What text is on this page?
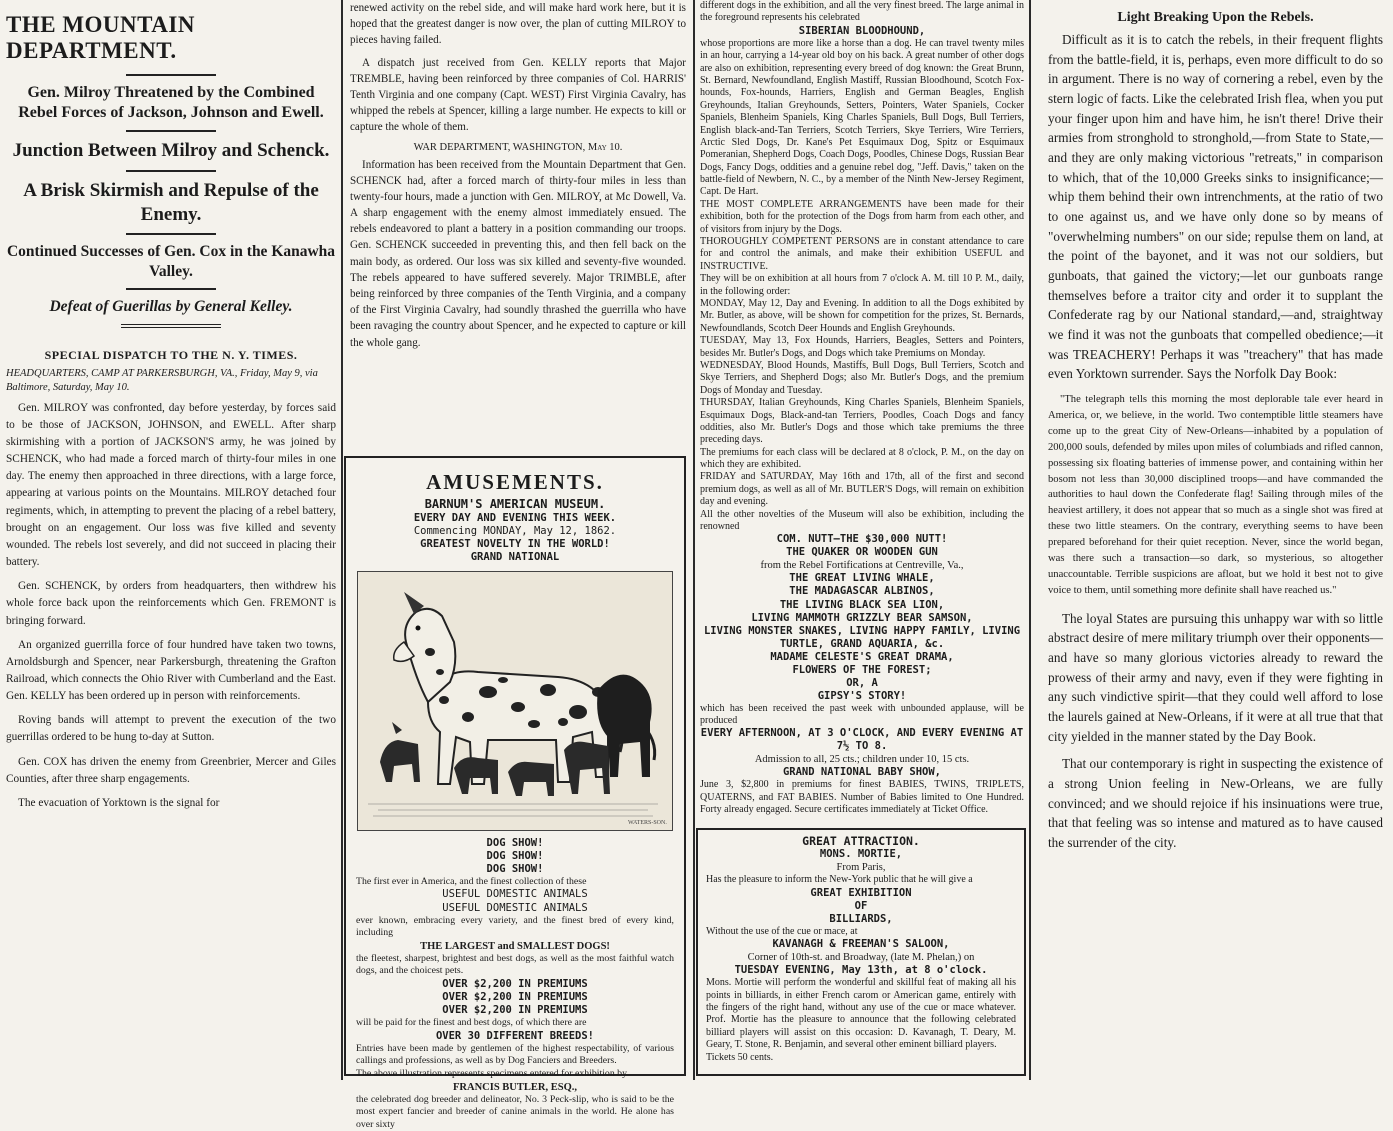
THE MOUNTAIN DEPARTMENT.
Gen. Milroy Threatened by the Combined Rebel Forces of Jackson, Johnson and Ewell.
Junction Between Milroy and Schenck.
A Brisk Skirmish and Repulse of the Enemy.
Continued Successes of Gen. Cox in the Kanawha Valley.
Defeat of Guerillas by General Kelley.
SPECIAL DISPATCH TO THE N. Y. TIMES.
HEADQUARTERS, CAMP AT PARKERSBURGH, VA., Friday, May 9, via Baltimore, Saturday, May 10.

Gen. MILROY was confronted, day before yesterday, by forces said to be those of JACKSON, JOHNSON, and EWELL. After sharp skirmishing with a portion of JACKSON'S army, he was joined by SCHENCK, who had made a forced march of thirty-four miles in one day. The enemy then approached in three directions, with a large force, appearing at various points on the Mountains. MILROY detached four regiments, which, in attempting to prevent the placing of a rebel battery, brought on an engagement. Our loss was five killed and seventy wounded. The rebels lost severely, and did not succeed in placing their battery.

Gen. SCHENCK, by orders from headquarters, then withdrew his whole force back upon the reinforcements which Gen. FREMONT is bringing forward.

An organized guerrilla force of four hundred have taken two towns, Arnoldsburgh and Spencer, near Parkersburgh, threatening the Grafton Railroad, which connects the Ohio River with Cumberland and the East. Gen. KELLY has been ordered up in person with reinforcements.

Roving bands will attempt to prevent the execution of the two guerrillas ordered to be hung to-day at Sutton.

Gen. COX has driven the enemy from Greenbrier, Mercer and Giles Counties, after three sharp engagements.

The evacuation of Yorktown is the signal for

renewed activity on the rebel side, and will make hard work here, but it is hoped that the greatest danger is now over, the plan of cutting MILROY to pieces having failed.

A dispatch just received from Gen. KELLY reports that Major TREMBLE, having been reinforced by three companies of Col. HARRIS' Tenth Virginia and one company (Capt. WEST) First Virginia Cavalry, has whipped the rebels at Spencer, killing a large number. He expects to kill or capture the whole of them.

WAR DEPARTMENT, WASHINGTON, May 10.

Information has been received from the Mountain Department that Gen. SCHENCK had, after a forced march of thirty-four miles in less than twenty-four hours, made a junction with Gen. MILROY, at Mc Dowell, Va. A sharp engagement with the enemy almost immediately ensued. The rebels endeavored to plant a battery in a position commanding our troops. Gen. SCHENCK succeeded in preventing this, and then fell back on the main body, as ordered. Our loss was six killed and seventy-five wounded. The rebels appeared to have suffered severely. Major TRIMBLE, after being reinforced by three companies of the Tenth Virginia, and a company of the First Virginia Cavalry, had soundly thrashed the guerrilla who have been ravaging the country about Spencer, and he expected to capture or kill the whole gang.

AMUSEMENTS.
BARNUM'S AMERICAN MUSEUM.
EVERY DAY AND EVENING THIS WEEK.
Commencing MONDAY, May 12, 1862.
GREATEST NOVELTY IN THE WORLD!
GRAND NATIONAL
WATERS-SON.
DOG SHOW!
DOG SHOW!
DOG SHOW!
The first ever in America, and the finest collection of these
USEFUL DOMESTIC ANIMALS
USEFUL DOMESTIC ANIMALS
ever known, embracing every variety, and the finest bred of every kind, including
THE LARGEST and SMALLEST DOGS!
the fleetest, sharpest, brightest and best dogs, as well as the most faithful watch dogs, and the choicest pets.
OVER $2,200 IN PREMIUMS
OVER $2,200 IN PREMIUMS
OVER $2,200 IN PREMIUMS
will be paid for the finest and best dogs, of which there are
OVER 30 DIFFERENT BREEDS!
Entries have been made by gentlemen of the highest respectability, of various callings and professions, as well as by Dog Fanciers and Breeders.
The above illustration represents specimens entered for exhibition by
FRANCIS BUTLER, ESQ.,
the celebrated dog breeder and delineator, No. 3 Peck-slip, who is said to be the most expert fancier and breeder of canine animals in the world. He alone has over sixty
different dogs in the exhibition, and all the very finest breed. The large animal in the foreground represents his celebrated
SIBERIAN BLOODHOUND,
whose proportions are more like a horse than a dog. He can travel twenty miles in an hour, carrying a 14-year old boy on his back. A great number of other dogs are also on exhibition, representing every breed of dog known: the Great Brunn, St. Bernard, Newfoundland, English Mastiff, Russian Bloodhound, Scotch Fox-hounds, Fox-hounds, Harriers, English and German Beagles, English Greyhounds, Italian Greyhounds, Setters, Pointers, Water Spaniels, Cocker Spaniels, Blenheim Spaniels, King Charles Spaniels, Bull Dogs, Bull Terriers, English black-and-Tan Terriers, Scotch Terriers, Skye Terriers, Wire Terriers, Arctic Sled Dogs, Dr. Kane's Pet Esquimaux Dog, Spitz or Esquimaux Pomeranian, Shepherd Dogs, Coach Dogs, Poodles, Chinese Dogs, Russian Bear Dogs, Fancy Dogs, oddities and a genuine rebel dog, "Jeff. Davis," taken on the battle-field of Newbern, N. C., by a member of the Ninth New-Jersey Regiment, Capt. De Hart.
THE MOST COMPLETE ARRANGEMENTS have been made for their exhibition, both for the protection of the Dogs from harm from each other, and of visitors from injury by the Dogs.
THOROUGHLY COMPETENT PERSONS are in constant attendance to care for and control the animals, and make their exhibition USEFUL and INSTRUCTIVE.
They will be on exhibition at all hours from 7 o'clock A. M. till 10 P. M., daily, in the following order:
MONDAY, May 12, Day and Evening. In addition to all the Dogs exhibited by Mr. Butler, as above, will be shown for competition for the prizes, St. Bernards, Newfoundlands, Scotch Deer Hounds and English Greyhounds.
TUESDAY, May 13, Fox Hounds, Harriers, Beagles, Setters and Pointers, besides Mr. Butler's Dogs, and Dogs which take Premiums on Monday.
WEDNESDAY, Blood Hounds, Mastiffs, Bull Dogs, Bull Terriers, Scotch and Skye Terriers, and Shepherd Dogs; also Mr. Butler's Dogs, and the premium Dogs of Monday and Tuesday.
THURSDAY, Italian Greyhounds, King Charles Spaniels, Blenheim Spaniels, Esquimaux Dogs, Black-and-tan Terriers, Poodles, Coach Dogs and fancy oddities, also Mr. Butler's Dogs and those which take premiums the three preceding days.
The premiums for each class will be declared at 8 o'clock, P. M., on the day on which they are exhibited.
FRIDAY and SATURDAY, May 16th and 17th, all of the first and second premium dogs, as well as all of Mr. BUTLER'S Dogs, will remain on exhibition day and evening.
All the other novelties of the Museum will also be exhibition, including the renowned
COM. NUTT—THE $30,000 NUTT!
THE QUAKER OR WOODEN GUN
from the Rebel Fortifications at Centreville, Va.,
THE GREAT LIVING WHALE,
THE MADAGASCAR ALBINOS,
THE LIVING BLACK SEA LION,
LIVING MAMMOTH GRIZZLY BEAR SAMSON,
LIVING MONSTER SNAKES, LIVING HAPPY FAMILY, LIVING TURTLE, GRAND AQUARIA, &c.
MADAME CELESTE'S GREAT DRAMA,
FLOWERS OF THE FOREST;
OR, A
GIPSY'S STORY!
which has been received the past week with unbounded applause, will be produced
EVERY AFTERNOON, AT 3 O'CLOCK, AND EVERY EVENING AT 7½ TO 8.
Admission to all, 25 cts.; children under 10, 15 cts.
GRAND NATIONAL BABY SHOW,
June 3, $2,800 in premiums for finest BABIES, TWINS, TRIPLETS, QUATERNS, and FAT BABIES. Number of Babies limited to One Hundred. Forty already engaged. Secure certificates immediately at Ticket Office.
GREAT ATTRACTION.
MONS. MORTIE,
From Paris,
Has the pleasure to inform the New-York public that he will give a
GREAT EXHIBITION
OF
BILLIARDS,
Without the use of the cue or mace, at
KAVANAGH & FREEMAN'S SALOON,
Corner of 10th-st. and Broadway, (late M. Phelan,) on
TUESDAY EVENING, May 13th, at 8 o'clock.
Mons. Mortie will perform the wonderful and skillful feat of making all his points in billiards, in either French carom or American game, entirely with the fingers of the right hand, without any use of the cue or mace whatever. Prof. Mortie has the pleasure to announce that the following celebrated billiard players will assist on this occasion: D. Kavanagh, T. Deary, M. Geary, T. Stone, R. Benjamin, and several other eminent billiard players.
Tickets 50 cents.
Light Breaking Upon the Rebels.

Difficult as it is to catch the rebels, in their frequent flights from the battle-field, it is, perhaps, even more difficult to do so in argument. There is no way of cornering a rebel, even by the stern logic of facts. Like the celebrated Irish flea, when you put your finger upon him and have him, he isn't there! Drive their armies from stronghold to stronghold,—from State to State,—and they are only making victorious "retreats," in comparison to which, that of the 10,000 Greeks sinks to insignificance;—whip them behind their own intrenchments, at the ratio of two to one against us, and we have only done so by means of "overwhelming numbers" on our side; repulse them on land, at the point of the bayonet, and it was not our soldiers, but gunboats, that gained the victory;—let our gunboats range themselves before a traitor city and order it to supplant the Confederate rag by our National standard,—and, straightway we find it was not the gunboats that compelled obedience;—it was TREACHERY! Perhaps it was "treachery" that has made even Yorktown surrender. Says the Norfolk Day Book:

"The telegraph tells this morning the most deplorable tale ever heard in America, or, we believe, in the world. Two contemptible little steamers have come up to the great City of New-Orleans—inhabited by a population of 200,000 souls, defended by miles upon miles of columbiads and rifled cannon, possessing six floating batteries of immense power, and containing within her bosom not less than 30,000 disciplined troops—and have commanded the authorities to haul down the Confederate flag! Sailing through miles of the heaviest artillery, it does not appear that so much as a single shot was fired at these two little steamers. On the contrary, everything seems to have been prepared beforehand for their quiet reception. Never, since the world began, was there such a transaction—so dark, so mysterious, so altogether unaccountable. Terrible suspicions are afloat, but we hold it best not to give voice to them, until something more definite shall have reached us."

The loyal States are pursuing this unhappy war with so little abstract desire of mere military triumph over their opponents—and have so many glorious victories already to reward the prowess of their army and navy, even if they were fighting in any such vindictive spirit—that they could well afford to lose the laurels gained at New-Orleans, if it were at all true that that city yielded in the manner stated by the Day Book.

That our contemporary is right in suspecting the existence of a strong Union feeling in New-Orleans, we are fully convinced; and we should rejoice if his insinuations were true, that that feeling was so intense and matured as to have caused the surrender of the city.
